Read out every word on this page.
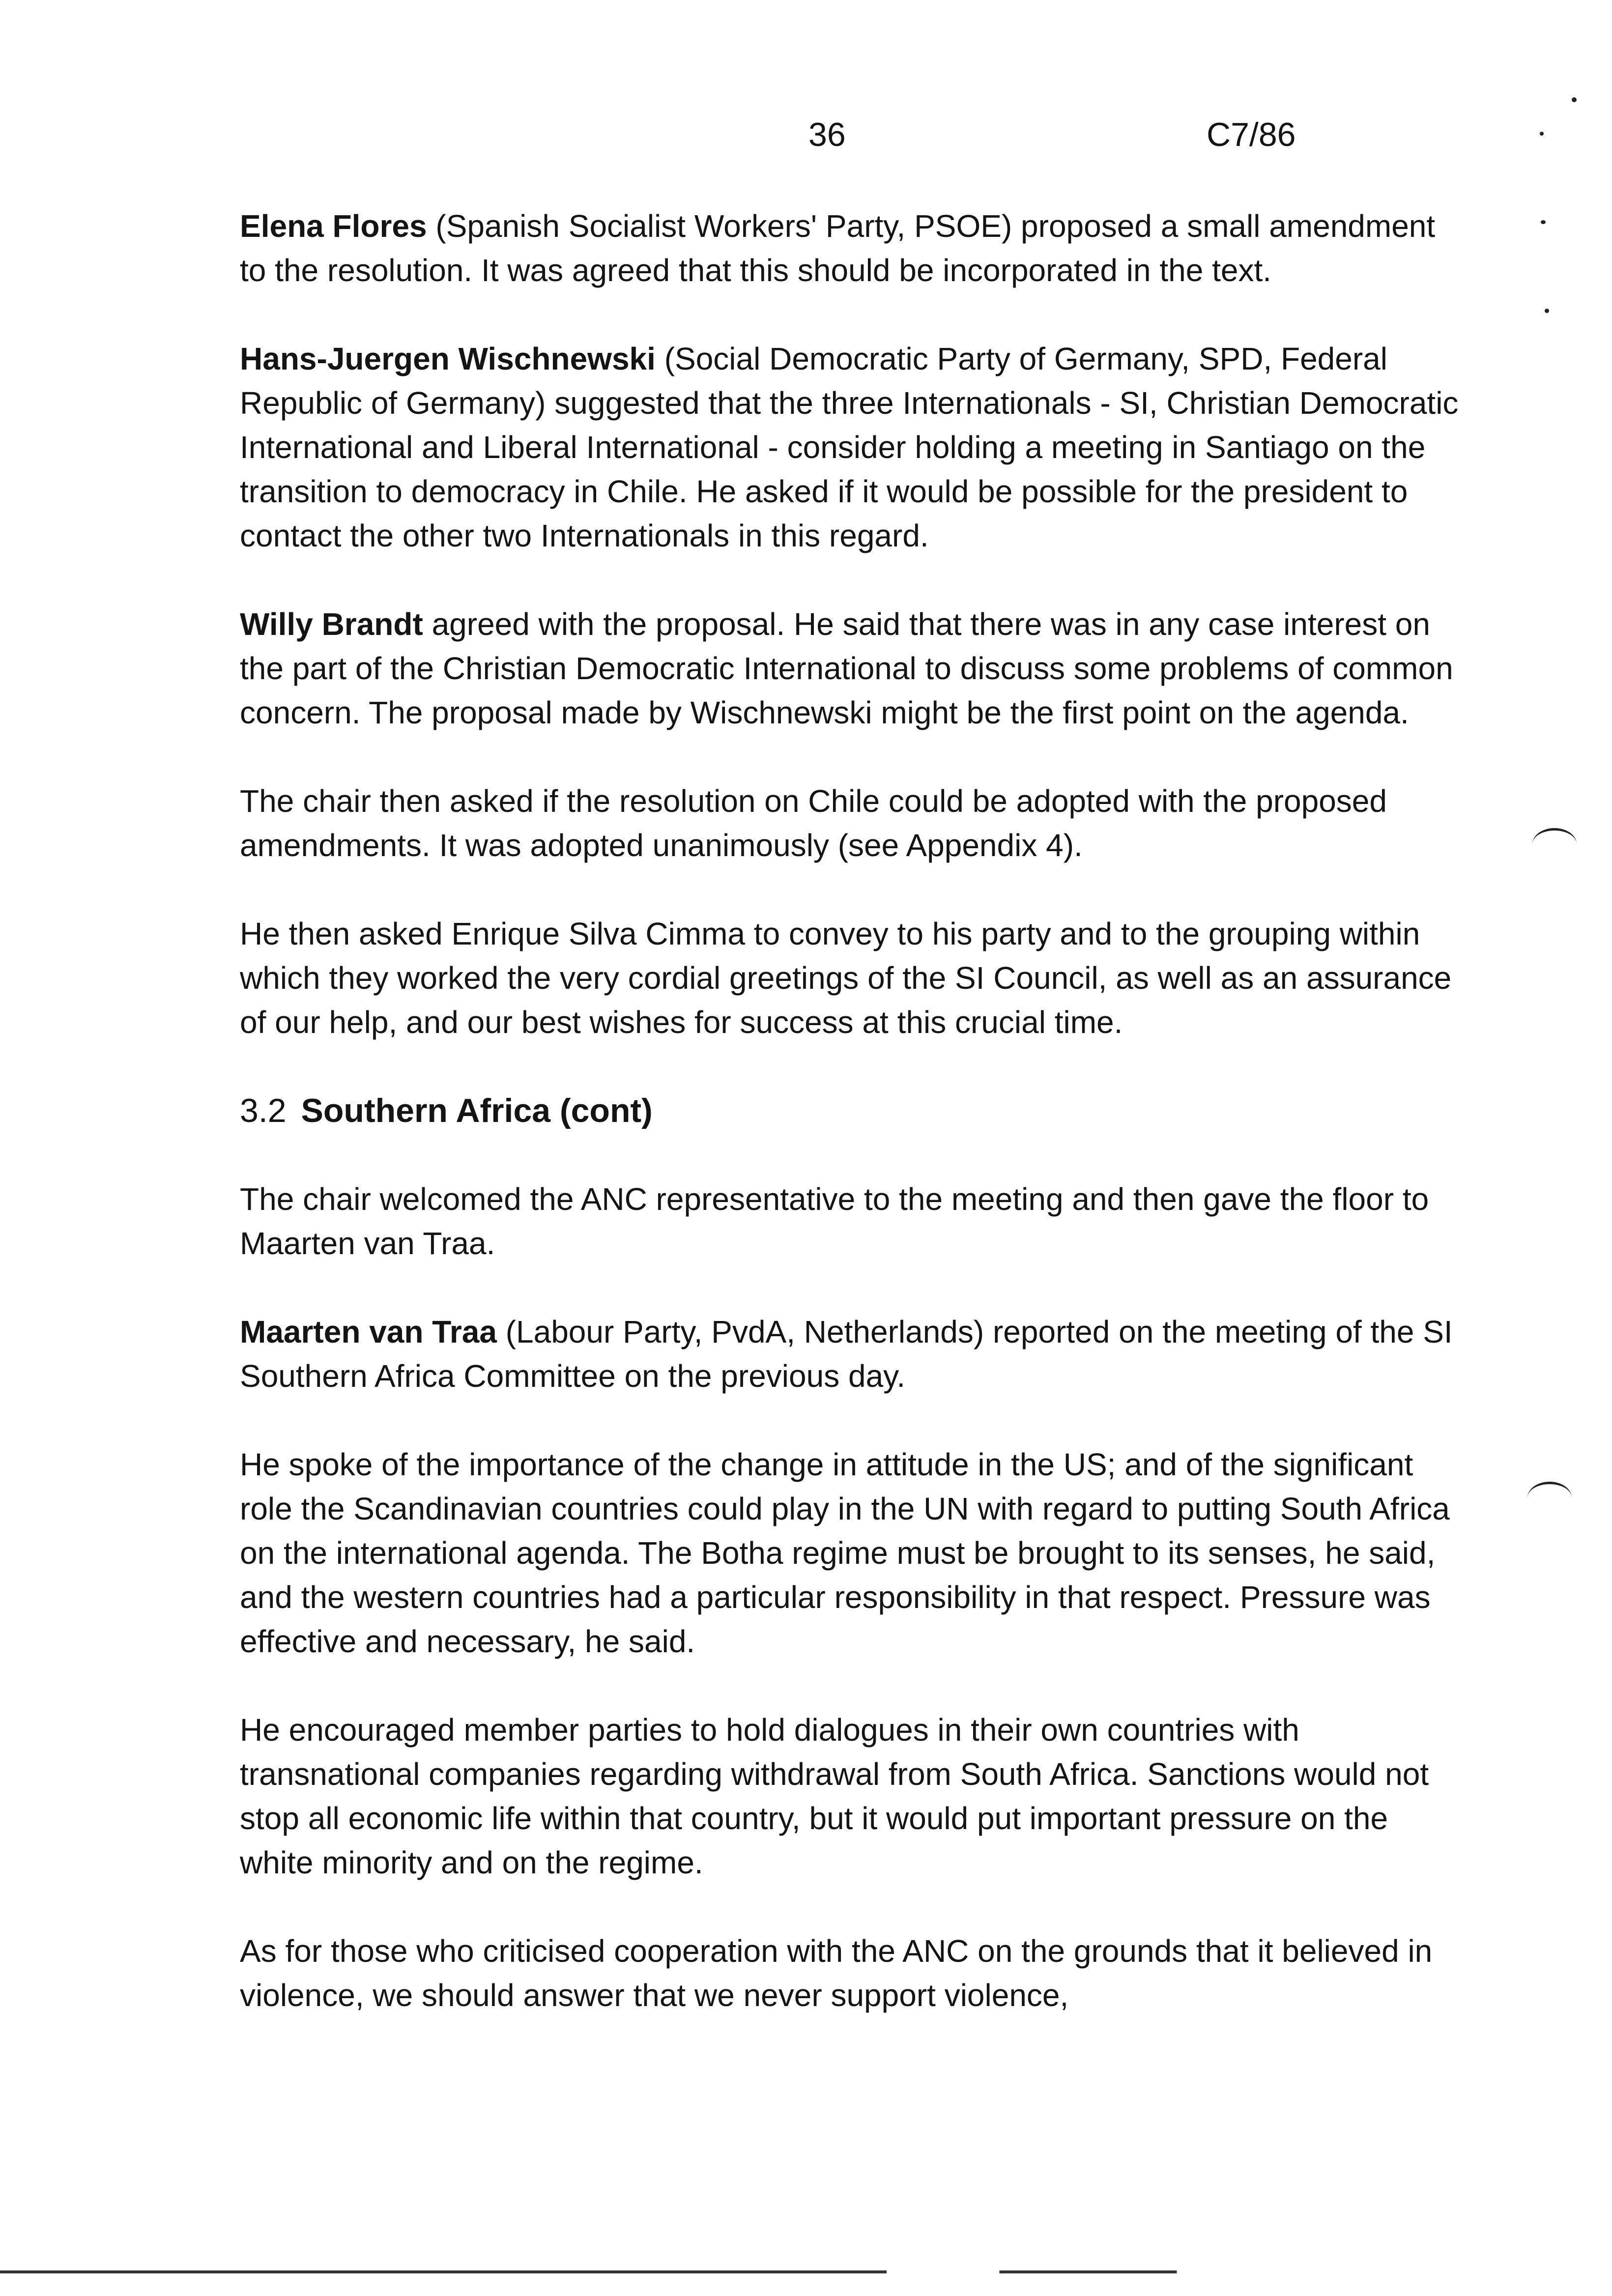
36	C7/86

Elena Flores (Spanish Socialist Workers' Party, PSOE) proposed a small amendment to the resolution. It was agreed that this should be incorporated in the text.

Hans-Juergen Wischnewski (Social Democratic Party of Germany, SPD, Federal Republic of Germany) suggested that the three Internationals - SI, Christian Democratic International and Liberal International - consider holding a meeting in Santiago on the transition to democracy in Chile. He asked if it would be possible for the president to contact the other two Internationals in this regard.

Willy Brandt agreed with the proposal. He said that there was in any case interest on the part of the Christian Democratic International to discuss some problems of common concern. The proposal made by Wischnewski might be the first point on the agenda.

The chair then asked if the resolution on Chile could be adopted with the proposed amendments. It was adopted unanimously (see Appendix 4).

He then asked Enrique Silva Cimma to convey to his party and to the grouping within which they worked the very cordial greetings of the SI Council, as well as an assurance of our help, and our best wishes for success at this crucial time.

3.2 Southern Africa (cont)

The chair welcomed the ANC representative to the meeting and then gave the floor to Maarten van Traa.

Maarten van Traa (Labour Party, PvdA, Netherlands) reported on the meeting of the SI Southern Africa Committee on the previous day.

He spoke of the importance of the change in attitude in the US; and of the significant role the Scandinavian countries could play in the UN with regard to putting South Africa on the international agenda. The Botha regime must be brought to its senses, he said, and the western countries had a particular responsibility in that respect. Pressure was effective and necessary, he said.

He encouraged member parties to hold dialogues in their own countries with transnational companies regarding withdrawal from South Africa. Sanctions would not stop all economic life within that country, but it would put important pressure on the white minority and on the regime.

As for those who criticised cooperation with the ANC on the grounds that it believed in violence, we should answer that we never support violence,
